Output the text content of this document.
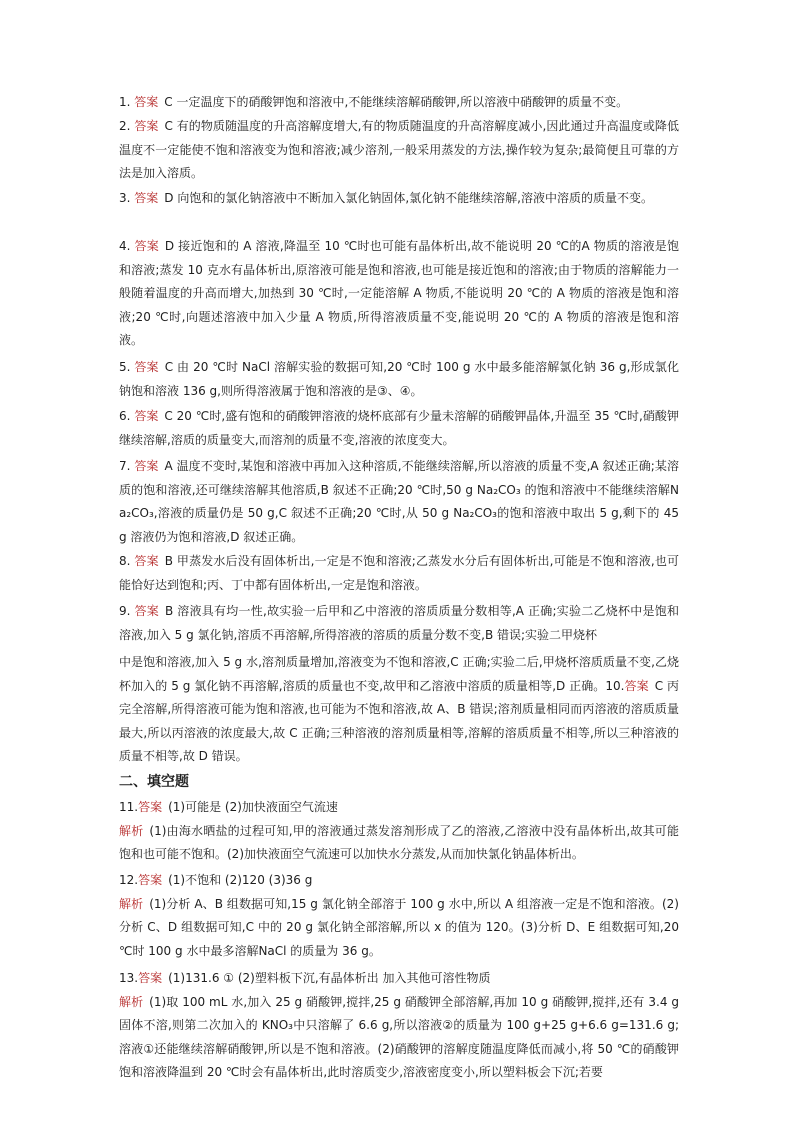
1. 答案 C 一定温度下的硝酸钾饱和溶液中,不能继续溶解硝酸钾,所以溶液中硝酸钾的质量不变。

2. 答案 C 有的物质随温度的升高溶解度增大,有的物质随温度的升高溶解度减小,因此通过升高温度或降低温度不一定能使不饱和溶液变为饱和溶液;减少溶剂,一般采用蒸发的方法,操作较为复杂;最简便且可靠的方法是加入溶质。

3. 答案 D 向饱和的氯化钠溶液中不断加入氯化钠固体,氯化钠不能继续溶解,溶液中溶质的质量不变。

4. 答案 D 接近饱和的 A 溶液,降温至 10 ℃时也可能有晶体析出,故不能说明 20 ℃的A 物质的溶液是饱和溶液;蒸发 10 克水有晶体析出,原溶液可能是饱和溶液,也可能是接近饱和的溶液;由于物质的溶解能力一般随着温度的升高而增大,加热到 30 ℃时,一定能溶解 A 物质,不能说明 20 ℃的 A 物质的溶液是饱和溶液;20 ℃时,向题述溶液中加入少量 A 物质,所得溶液质量不变,能说明 20 ℃的 A 物质的溶液是饱和溶液。

5. 答案 C 由 20 ℃时 NaCl 溶解实验的数据可知,20 ℃时 100 g 水中最多能溶解氯化钠 36 g,形成氯化钠饱和溶液 136 g,则所得溶液属于饱和溶液的是③、④。

6. 答案 C 20 ℃时,盛有饱和的硝酸钾溶液的烧杯底部有少量未溶解的硝酸钾晶体,升温至 35 ℃时,硝酸钾继续溶解,溶质的质量变大,而溶剂的质量不变,溶液的浓度变大。

7. 答案 A 温度不变时,某饱和溶液中再加入这种溶质,不能继续溶解,所以溶液的质量不变,A 叙述正确;某溶质的饱和溶液,还可继续溶解其他溶质,B 叙述不正确;20 ℃时,50 g Na₂CO₃ 的饱和溶液中不能继续溶解Na₂CO₃,溶液的质量仍是 50 g,C 叙述不正确;20 ℃时,从 50 g Na₂CO₃的饱和溶液中取出 5 g,剩下的 45 g 溶液仍为饱和溶液,D 叙述正确。

8. 答案 B 甲蒸发水后没有固体析出,一定是不饱和溶液;乙蒸发水分后有固体析出,可能是不饱和溶液,也可能恰好达到饱和;丙、丁中都有固体析出,一定是饱和溶液。

9. 答案 B 溶液具有均一性,故实验一后甲和乙中溶液的溶质质量分数相等,A 正确;实验二乙烧杯中是饱和溶液,加入 5 g 氯化钠,溶质不再溶解,所得溶液的溶质的质量分数不变,B 错误;实验二甲烧杯

中是饱和溶液,加入 5 g 水,溶剂质量增加,溶液变为不饱和溶液,C 正确;实验二后,甲烧杯溶质质量不变,乙烧杯加入的 5 g 氯化钠不再溶解,溶质的质量也不变,故甲和乙溶液中溶质的质量相等,D 正确。10.答案 C 丙完全溶解,所得溶液可能为饱和溶液,也可能为不饱和溶液,故 A、B 错误;溶剂质量相同而丙溶液的溶质质量最大,所以丙溶液的浓度最大,故 C 正确;三种溶液的溶剂质量相等,溶解的溶质质量不相等,所以三种溶液的质量不相等,故 D 错误。

二、填空题

11.答案 (1)可能是 (2)加快液面空气流速
解析 (1)由海水晒盐的过程可知,甲的溶液通过蒸发溶剂形成了乙的溶液,乙溶液中没有晶体析出,故其可能饱和也可能不饱和。(2)加快液面空气流速可以加快水分蒸发,从而加快氯化钠晶体析出。

12.答案 (1)不饱和 (2)120 (3)36 g
解析 (1)分析 A、B 组数据可知,15 g 氯化钠全部溶于 100 g 水中,所以 A 组溶液一定是不饱和溶液。(2)分析 C、D 组数据可知,C 中的 20 g 氯化钠全部溶解,所以 x 的值为 120。(3)分析 D、E 组数据可知,20 ℃时 100 g 水中最多溶解NaCl 的质量为 36 g。

13.答案 (1)131.6 ① (2)塑料板下沉,有晶体析出 加入其他可溶性物质
解析 (1)取 100 mL 水,加入 25 g 硝酸钾,搅拌,25 g 硝酸钾全部溶解,再加 10 g 硝酸钾,搅拌,还有 3.4 g 固体不溶,则第二次加入的 KNO₃中只溶解了 6.6 g,所以溶液②的质量为 100 g+25 g+6.6 g=131.6 g;溶液①还能继续溶解硝酸钾,所以是不饱和溶液。(2)硝酸钾的溶解度随温度降低而减小,将 50 ℃的硝酸钾饱和溶液降温到 20 ℃时会有晶体析出,此时溶质变少,溶液密度变小,所以塑料板会下沉;若要
